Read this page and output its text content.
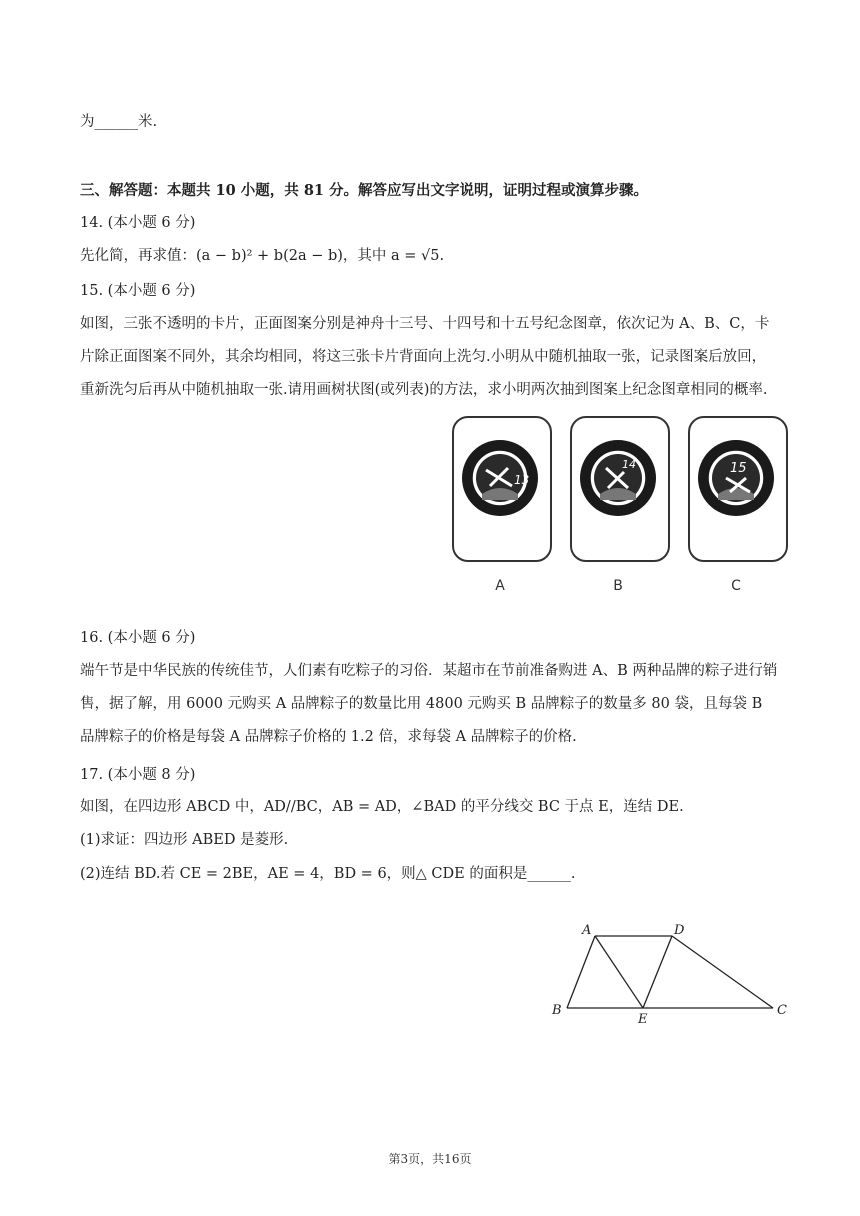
为______米.
三、解答题：本题共 10 小题，共 81 分。解答应写出文字说明，证明过程或演算步骤。
14. (本小题 6 分)
先化简，再求值：(a − b)² + b(2a − b)，其中 a = √5.
15. (本小题 6 分)
如图，三张不透明的卡片，正面图案分别是神舟十三号、十四号和十五号纪念图章，依次记为 A、B、C，卡片除正面图案不同外，其余均相同，将这三张卡片背面向上洗匀.小明从中随机抽取一张，记录图案后放回，重新洗匀后再从中随机抽取一张.请用画树状图(或列表)的方法，求小明两次抽到图案上纪念图章相同的概率.
13
14	15
A	B	C
16. (本小题 6 分)
端午节是中华民族的传统佳节，人们素有吃粽子的习俗．某超市在节前准备购进 A、B 两种品牌的粽子进行销售，据了解，用 6000 元购买 A 品牌粽子的数量比用 4800 元购买 B 品牌粽子的数量多 80 袋，且每袋 B 品牌粽子的价格是每袋 A 品牌粽子价格的 1.2 倍，求每袋 A 品牌粽子的价格.
17. (本小题 8 分)
如图，在四边形 ABCD 中，AD//BC，AB = AD，∠BAD 的平分线交 BC 于点 E，连结 DE.
(1)求证：四边形 ABED 是菱形.
(2)连结 BD.若 CE = 2BE，AE = 4，BD = 6，则△ CDE 的面积是______.
A	D
B
E
C
第3页，共16页
